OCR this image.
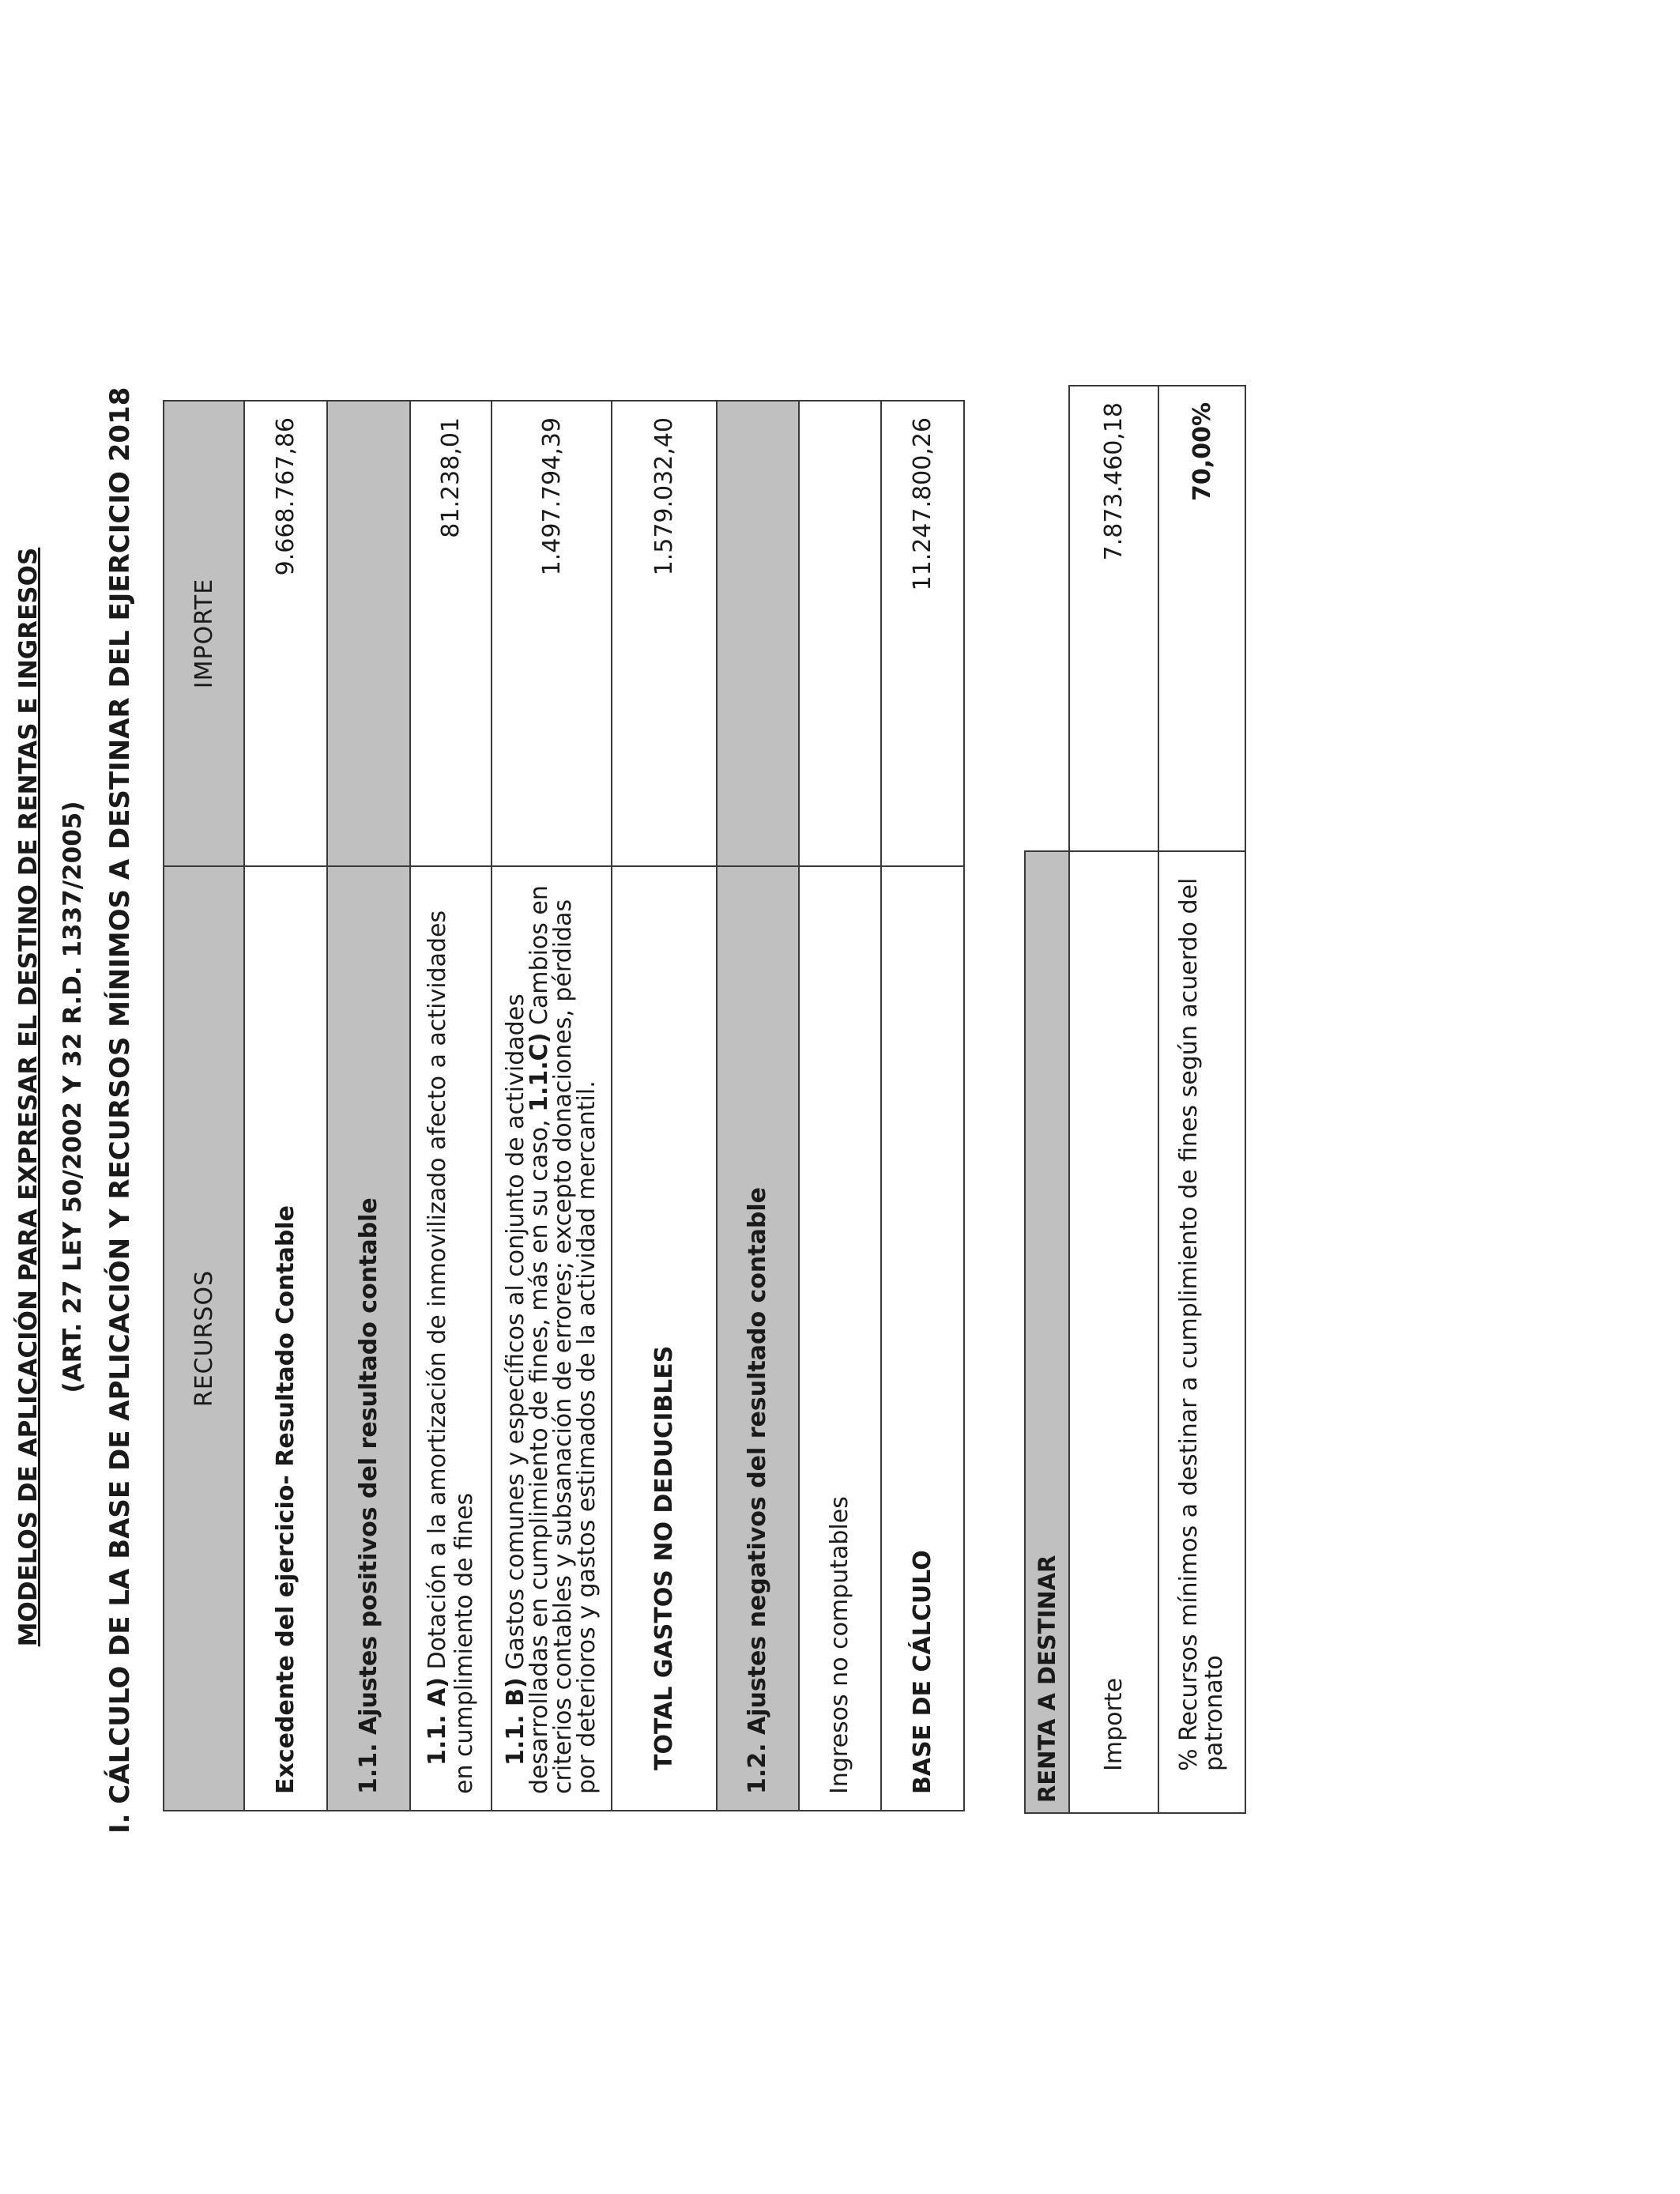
MODELOS DE APLICACIÓN PARA EXPRESAR EL DESTINO DE RENTAS E INGRESOS (ART. 27 LEY 50/2002 Y 32 R.D. 1337/2005) I. CÁLCULO DE LA BASE DE APLICACIÓN Y RECURSOS MÍNIMOS A DESTINAR DEL EJERCICIO 2018 RECURSOS	IMPORTE
Excedente del ejercicio- Resultado Contable	9.668.767,86
1.1. Ajustes positivos del resultado contable	
1.1. A) Dotación a la amortización de inmovilizado afecto a actividades en cumplimiento de fines	81.238,01
1.1. B) Gastos comunes y específicos al conjunto de actividades desarrolladas en cumplimiento de fines, más en su caso, 1.1.C) Cambios en criterios contables y subsanación de errores; excepto donaciones, pérdidas por deterioros y gastos estimados de la actividad mercantil.	1.497.794,39
TOTAL GASTOS NO DEDUCIBLES	1.579.032,40
1.2. Ajustes negativos del resultado contable	
Ingresos no computables	
BASE DE CÁLCULO	11.247.800,26
RENTA A DESTINAR	
Importe	7.873.460,18
% Recursos mínimos a destinar a cumplimiento de fines según acuerdo del patronato	70,00%
